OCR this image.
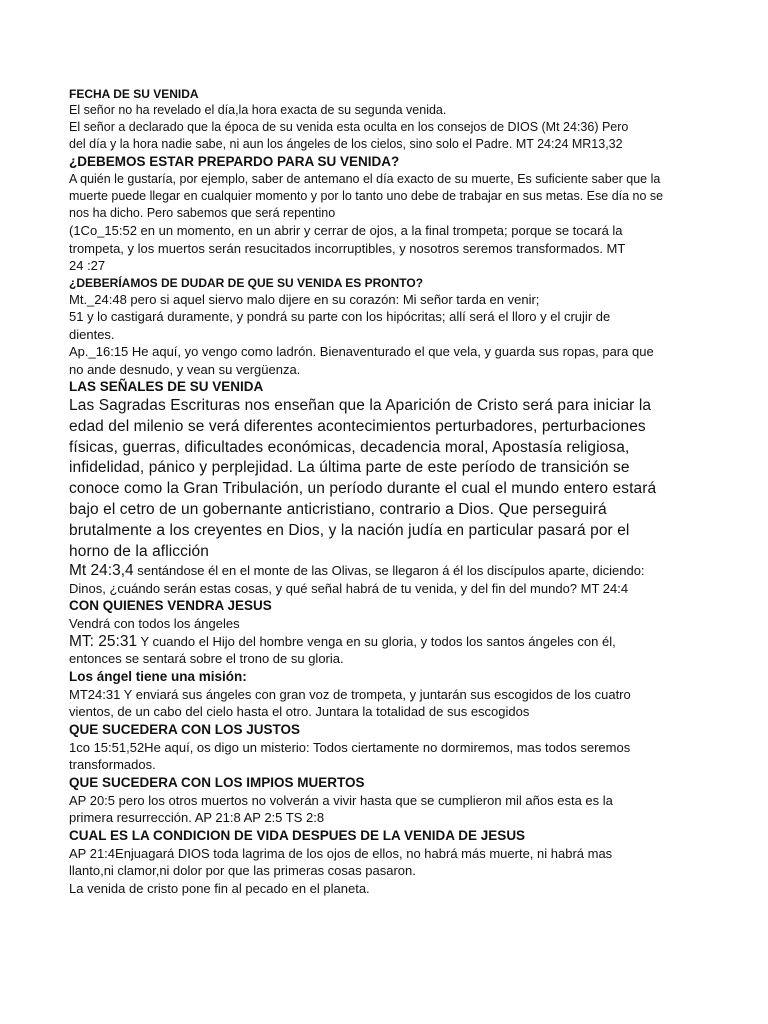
FECHA DE SU VENIDA

El señor no ha revelado el día,la hora exacta de su segunda venida.

El señor a declarado que la época de su venida esta oculta en los consejos de DIOS (Mt 24:36) Pero
del día y la hora nadie sabe, ni aun los ángeles de los cielos, sino solo el Padre. MT 24:24 MR13,32

¿DEBEMOS ESTAR PREPARDO PARA SU VENIDA?

A quién le gustaría, por ejemplo, saber de antemano el día exacto de su muerte, Es suficiente saber que la
muerte puede llegar en cualquier momento y por lo tanto uno debe de trabajar en sus metas. Ese día no se
nos ha dicho. Pero sabemos que será repentino

(1Co_15:52 en un momento, en un abrir y cerrar de ojos, a la final trompeta; porque se tocará la
trompeta, y los muertos serán resucitados incorruptibles, y nosotros seremos transformados. MT
24 :27

¿DEBERÍAMOS DE DUDAR DE QUE SU VENIDA ES PRONTO?

Mt._24:48 pero si aquel siervo malo dijere en su corazón: Mi señor tarda en venir;
51 y lo castigará duramente, y pondrá su parte con los hipócritas; allí será el lloro y el crujir de
dientes.
Ap._16:15 He aquí, yo vengo como ladrón. Bienaventurado el que vela, y guarda sus ropas, para que
no ande desnudo, y vean su vergüenza.

LAS SEÑALES DE SU VENIDA

Las Sagradas Escrituras nos enseñan que la Aparición de Cristo será para iniciar la
edad del milenio se verá diferentes acontecimientos perturbadores, perturbaciones
físicas, guerras, dificultades económicas, decadencia moral, Apostasía religiosa,
infidelidad, pánico y perplejidad. La última parte de este período de transición se
conoce como la Gran Tribulación, un período durante el cual el mundo entero estará
bajo el cetro de un gobernante anticristiano, contrario a Dios. Que perseguirá
brutalmente a los creyentes en Dios, y la nación judía en particular pasará por el
horno de la aflicción

Mt 24:3,4 sentándose él en el monte de las Olivas, se llegaron á él los discípulos aparte, diciendo:
Dinos, ¿cuándo serán estas cosas, y qué señal habrá de tu venida, y del fin del mundo? MT 24:4

CON QUIENES VENDRA JESUS

Vendrá con todos los ángeles

MT: 25:31 Y cuando el Hijo del hombre venga en su gloria, y todos los santos ángeles con él,
entonces se sentará sobre el trono de su gloria.

Los ángel tiene una misión:

MT24:31 Y enviará sus ángeles con gran voz de trompeta, y juntarán sus escogidos de los cuatro
vientos, de un cabo del cielo hasta el otro. Juntara la totalidad de sus escogidos

QUE SUCEDERA CON LOS JUSTOS

1co 15:51,52He aquí, os digo un misterio: Todos ciertamente no dormiremos, mas todos seremos
transformados.

QUE SUCEDERA CON LOS IMPIOS MUERTOS

AP 20:5 pero los otros muertos no volverán a vivir hasta que se cumplieron mil años esta es la
primera resurrección. AP 21:8 AP 2:5 TS 2:8

CUAL ES LA CONDICION DE VIDA DESPUES DE LA VENIDA DE JESUS

AP 21:4Enjuagará DIOS toda lagrima de los ojos de ellos, no habrá más muerte, ni habrá mas
llanto,ni clamor,ni dolor por que las primeras cosas pasaron.
La venida de cristo pone fin al pecado en el planeta.
